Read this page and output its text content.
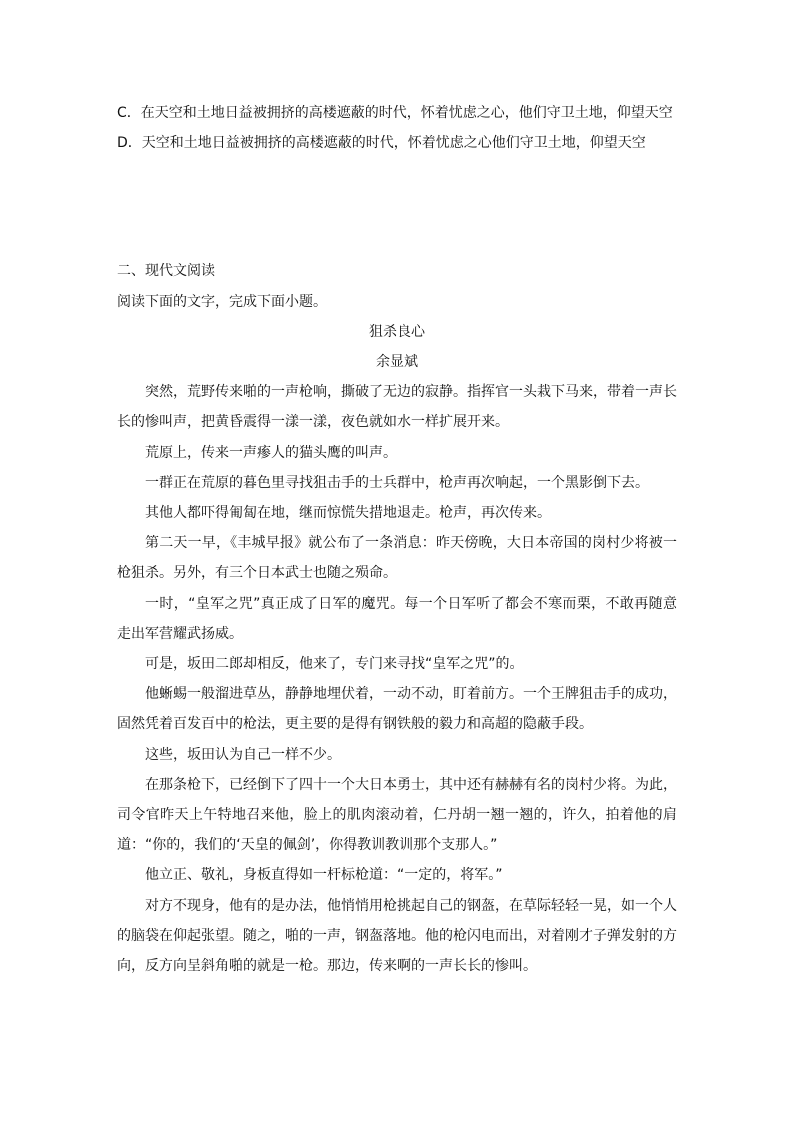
C．在天空和土地日益被拥挤的高楼遮蔽的时代，怀着忧虑之心，他们守卫土地，仰望天空

D．天空和土地日益被拥挤的高楼遮蔽的时代，怀着忧虑之心他们守卫土地，仰望天空

二、现代文阅读

阅读下面的文字，完成下面小题。

狙杀良心

余显斌

突然，荒野传来啪的一声枪响，撕破了无边的寂静。指挥官一头栽下马来，带着一声长长的惨叫声，把黄昏震得一漾一漾，夜色就如水一样扩展开来。

荒原上，传来一声瘆人的猫头鹰的叫声。

一群正在荒原的暮色里寻找狙击手的士兵群中，枪声再次响起，一个黑影倒下去。

其他人都吓得匍匐在地，继而惊慌失措地退走。枪声，再次传来。

第二天一早，《丰城早报》就公布了一条消息：昨天傍晚，大日本帝国的岗村少将被一枪狙杀。另外，有三个日本武士也随之殒命。

一时，“皇军之咒”真正成了日军的魔咒。每一个日军听了都会不寒而栗，不敢再随意走出军营耀武扬威。

可是，坂田二郎却相反，他来了，专门来寻找“皇军之咒”的。

他蜥蜴一般溜进草丛，静静地埋伏着，一动不动，盯着前方。一个王牌狙击手的成功，固然凭着百发百中的枪法，更主要的是得有钢铁般的毅力和高超的隐蔽手段。

这些，坂田认为自己一样不少。

在那条枪下，已经倒下了四十一个大日本勇士，其中还有赫赫有名的岗村少将。为此，司令官昨天上午特地召来他，脸上的肌肉滚动着，仁丹胡一翘一翘的，许久，拍着他的肩道：“你的，我们的‘天皇的佩剑’，你得教训教训那个支那人。”

他立正、敬礼，身板直得如一杆标枪道：“一定的，将军。”

对方不现身，他有的是办法，他悄悄用枪挑起自己的钢盔，在草际轻轻一晃，如一个人的脑袋在仰起张望。随之，啪的一声，钢盔落地。他的枪闪电而出，对着刚才子弹发射的方向，反方向呈斜角啪的就是一枪。那边，传来啊的一声长长的惨叫。
